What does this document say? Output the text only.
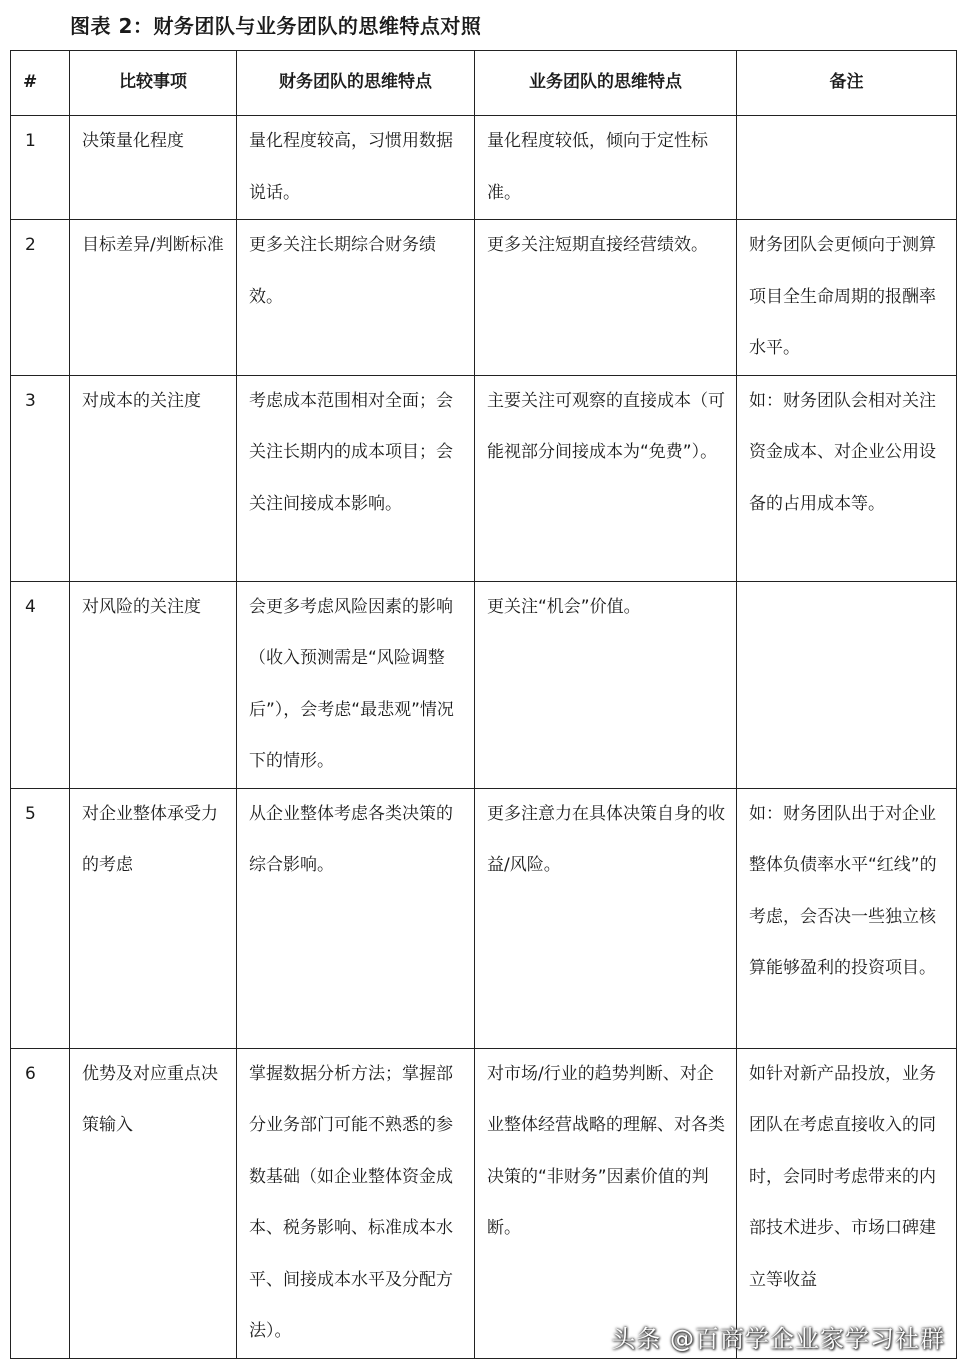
图表 2：财务团队与业务团队的思维特点对照
#	比较事项	财务团队的思维特点	业务团队的思维特点	备注
1	决策量化程度	量化程度较高，习惯用数据说话。	量化程度较低，倾向于定性标准。	
2	目标差异/判断标准	更多关注长期综合财务绩效。	更多关注短期直接经营绩效。	财务团队会更倾向于测算项目全生命周期的报酬率水平。
3	对成本的关注度	考虑成本范围相对全面；会关注长期内的成本项目；会关注间接成本影响。	主要关注可观察的直接成本（可能视部分间接成本为“免费”）。	如：财务团队会相对关注资金成本、对企业公用设备的占用成本等。
4	对风险的关注度	会更多考虑风险因素的影响（收入预测需是“风险调整后”），会考虑“最悲观”情况下的情形。	更关注“机会”价值。	
5	对企业整体承受力的考虑	从企业整体考虑各类决策的综合影响。	更多注意力在具体决策自身的收益/风险。	如：财务团队出于对企业整体负债率水平“红线”的考虑，会否决一些独立核算能够盈利的投资项目。
6	优势及对应重点决策输入	掌握数据分析方法；掌握部分业务部门可能不熟悉的参数基础（如企业整体资金成本、税务影响、标准成本水平、间接成本水平及分配方法）。	对市场/行业的趋势判断、对企业整体经营战略的理解、对各类决策的“非财务”因素价值的判断。	如针对新产品投放，业务团队在考虑直接收入的同时，会同时考虑带来的内部技术进步、市场口碑建立等收益
头条 @百商学企业家学习社群
